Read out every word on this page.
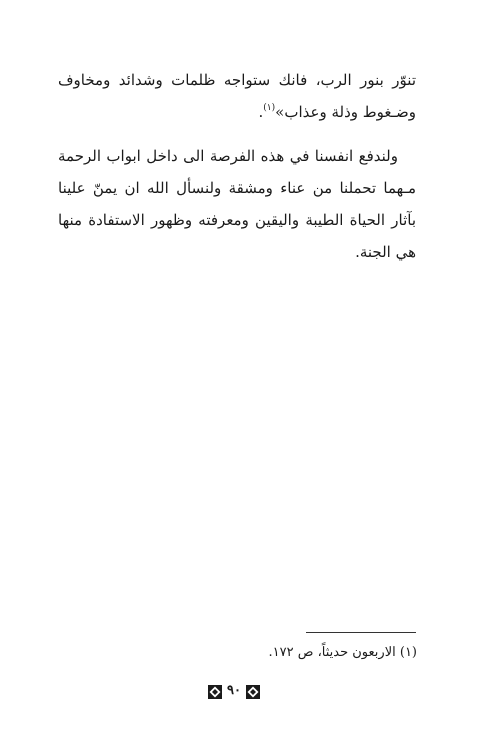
تنوّر بنور الرب، فانك ستواجه ظلمات وشدائد ومخاوف وضـغوط وذلة وعذاب»$^{(١)}$.

ولندفع انفسنا في هذه الفرصة الى داخل ابواب الرحمة مـهما تحملنا من عناء ومشقة ولنسأل الله ان يمنّ علينا بآثار الحياة الطيبة واليقين ومعرفته وظهور الاستفادة منها هي الجنة.

(١) الاربعون حديثاً، ص ١٧٢.
٩٠
